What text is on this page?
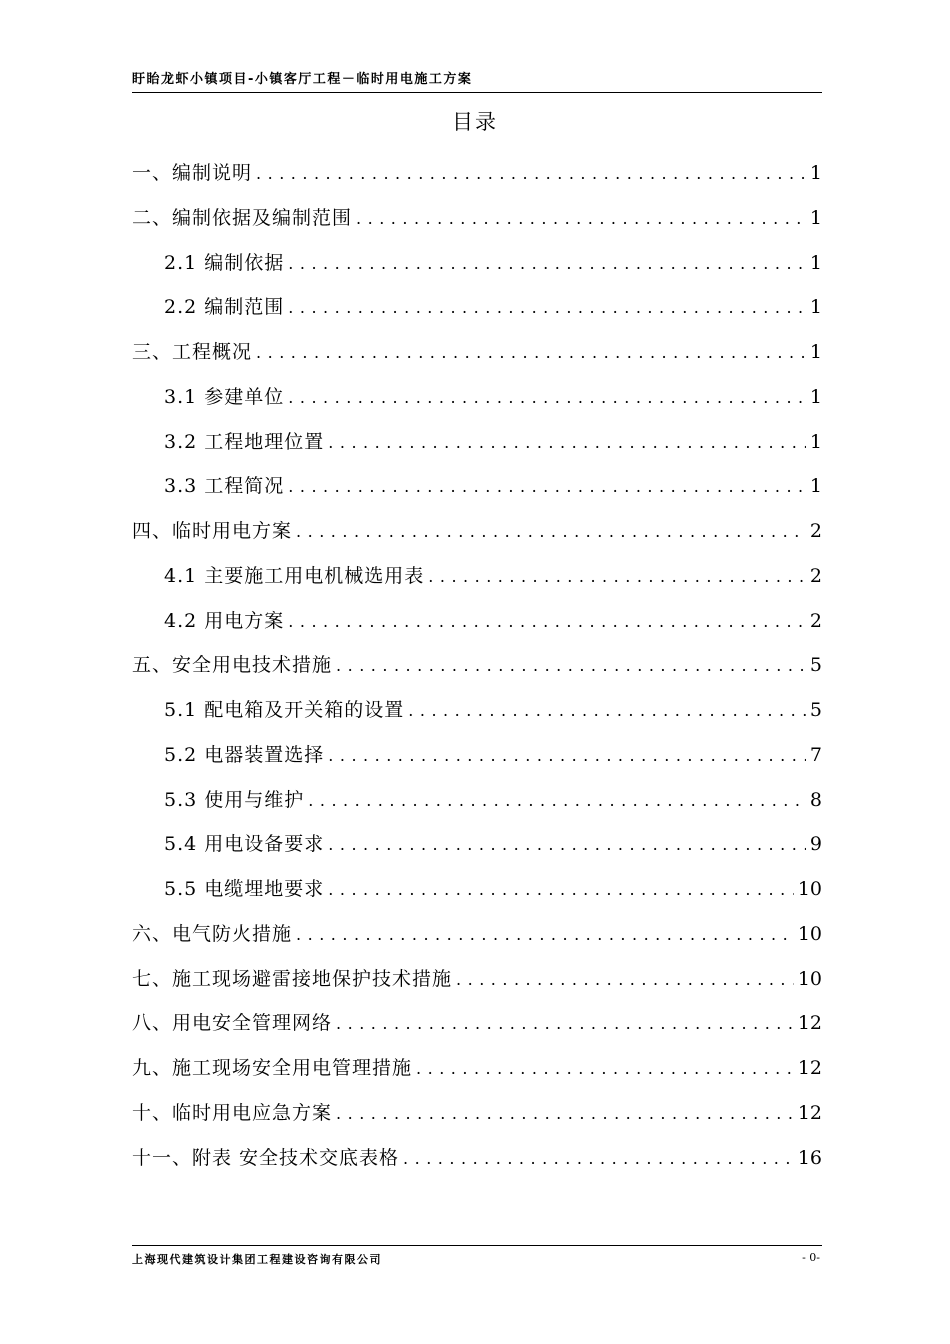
盱眙龙虾小镇项目-小镇客厅工程－临时用电施工方案
目录
一、编制说明 .....	1
二、编制依据及编制范围 .....	1
2.1 编制依据 .....	1
2.2 编制范围 .....	1
三、工程概况 .....	1
3.1 参建单位 .....	1
3.2 工程地理位置 .....	1
3.3 工程简况 .....	1
四、临时用电方案 .....	2
4.1 主要施工用电机械选用表 .....	2
4.2 用电方案 .....	2
五、安全用电技术措施 .....	5
5.1 配电箱及开关箱的设置 .....	5
5.2 电器装置选择 .....	7
5.3 使用与维护 .....	8
5.4 用电设备要求 .....	9
5.5 电缆埋地要求 .....	10
六、电气防火措施 .....	10
七、施工现场避雷接地保护技术措施 .....	10
八、用电安全管理网络 .....	12
九、施工现场安全用电管理措施 .....	12
十、临时用电应急方案 .....	12
十一、附表 安全技术交底表格 .....	16
上海现代建筑设计集团工程建设咨询有限公司	- 0-
